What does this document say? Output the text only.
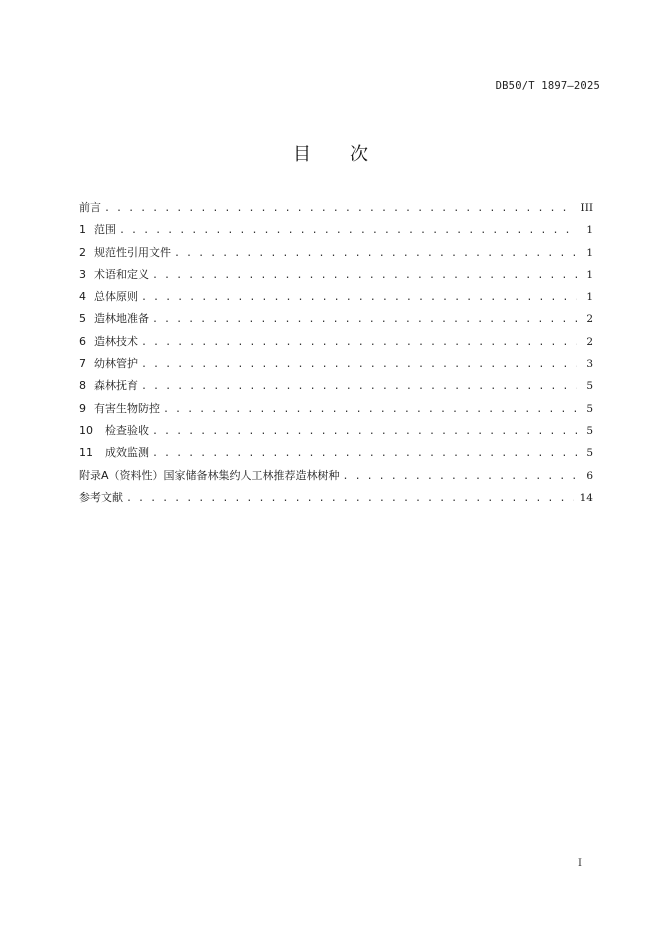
DB50/T 1897—2025
目 次
前言 . . .	III
1 范围 . . .	1
2 规范性引用文件 . . .	1
3 术语和定义 . . .	1
4 总体原则 . . .	1
5 造林地准备 . . .	2
6 造林技术 . . .	2
7 幼林管护 . . .	3
8 森林抚育 . . .	5
9 有害生物防控 . . .	5
10 检查验收 . . .	5
11 成效监测 . . .	5
附录A（资料性）国家储备林集约人工林推荐造林树种 . . .	6
参考文献 . . .	14
I
